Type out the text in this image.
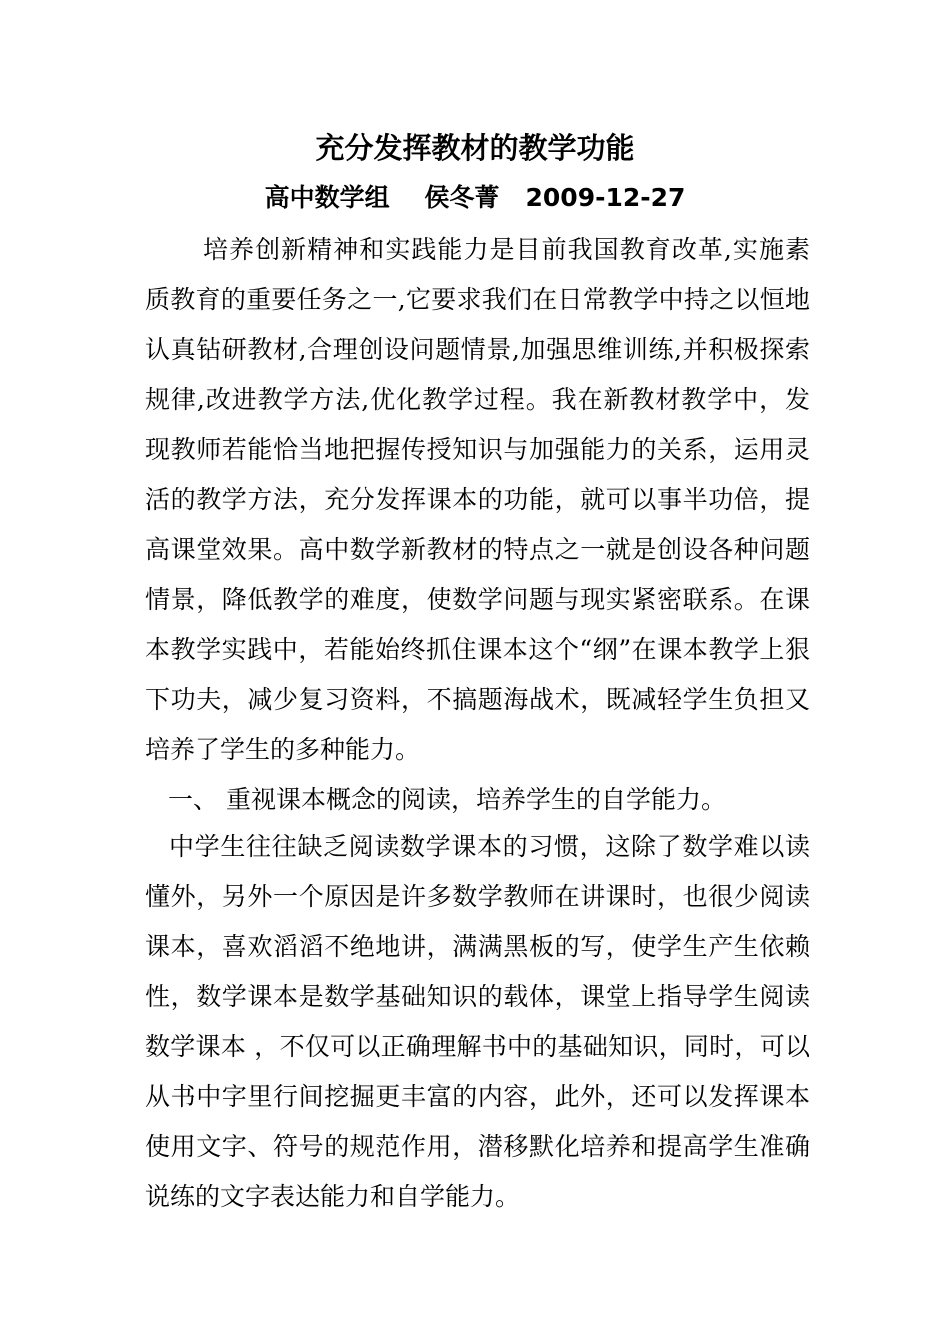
充分发挥教材的教学功能
高中数学组    侯冬菁   2009-12-27

培养创新精神和实践能力是目前我国教育改革,实施素质教育的重要任务之一,它要求我们在日常教学中持之以恒地认真钻研教材,合理创设问题情景,加强思维训练,并积极探索规律,改进教学方法,优化教学过程。我在新教材教学中，发现教师若能恰当地把握传授知识与加强能力的关系，运用灵活的教学方法，充分发挥课本的功能，就可以事半功倍，提高课堂效果。高中数学新教材的特点之一就是创设各种问题情景，降低教学的难度，使数学问题与现实紧密联系。在课本教学实践中，若能始终抓住课本这个“纲”在课本教学上狠下功夫，减少复习资料，不搞题海战术，既减轻学生负担又培养了学生的多种能力。

一、 重视课本概念的阅读，培养学生的自学能力。

中学生往往缺乏阅读数学课本的习惯，这除了数学难以读懂外，另外一个原因是许多数学教师在讲课时，也很少阅读课本，喜欢滔滔不绝地讲，满满黑板的写，使学生产生依赖性，数学课本是数学基础知识的载体，课堂上指导学生阅读数学课本 ，不仅可以正确理解书中的基础知识，同时，可以从书中字里行间挖掘更丰富的内容，此外，还可以发挥课本使用文字、符号的规范作用，潜移默化培养和提高学生准确说练的文字表达能力和自学能力。
